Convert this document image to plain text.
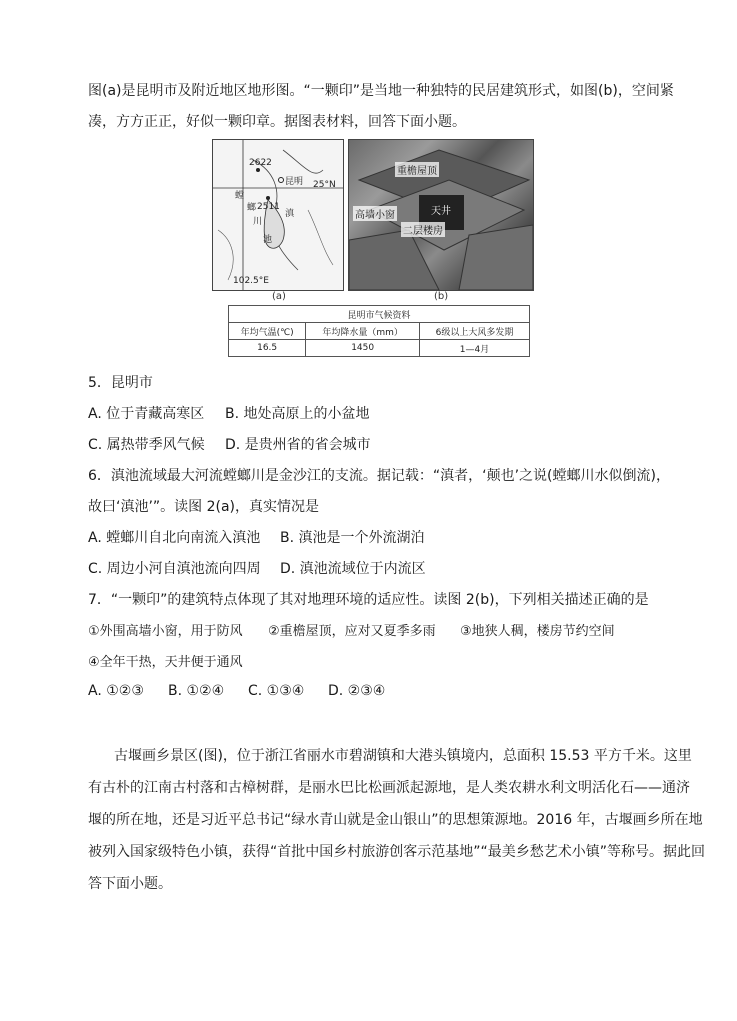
图(a)是昆明市及附近地区地形图。“一颗印”是当地一种独特的民居建筑形式，如图(b)，空间紧

凑，方方正正，好似一颗印章。据图表材料，回答下面小题。

2622
2511
昆明 25°N
螳
螂
川
滇
池
102.5°E
重檐屋顶
高墙小窗	天井
二层楼房
(a)	(b)
昆明市气候资料		
年均气温(℃)	年均降水量（mm）	6级以上大风多发期
16.5	1450	1—4月

5．昆明市

A. 位于青藏高寒区 B. 地处高原上的小盆地

C. 属热带季风气候 D. 是贵州省的省会城市

6．滇池流域最大河流螳螂川是金沙江的支流。据记载：“滇者，‘颠也’之说(螳螂川水似倒流)，

故曰‘滇池’”。读图 2(a)，真实情况是

A. 螳螂川自北向南流入滇池 B. 滇池是一个外流湖泊

C. 周边小河自滇池流向四周 D. 滇池流域位于内流区

7．“一颗印”的建筑特点体现了其对地理环境的适应性。读图 2(b)，下列相关描述正确的是

①外围高墙小窗，用于防风 ②重檐屋顶，应对又夏季多雨 ③地狭人稠，楼房节约空间

④全年干热，天井便于通风

A. ①②③ B. ①②④ C. ①③④ D. ②③④

古堰画乡景区(图)，位于浙江省丽水市碧湖镇和大港头镇境内，总面积 15.53 平方千米。这里

有古朴的江南古村落和古樟树群，是丽水巴比松画派起源地，是人类农耕水利文明活化石——通济

堰的所在地，还是习近平总书记“绿水青山就是金山银山”的思想策源地。2016 年，古堰画乡所在地

被列入国家级特色小镇，获得“首批中国乡村旅游创客示范基地”“最美乡愁艺术小镇”等称号。据此回

答下面小题。
